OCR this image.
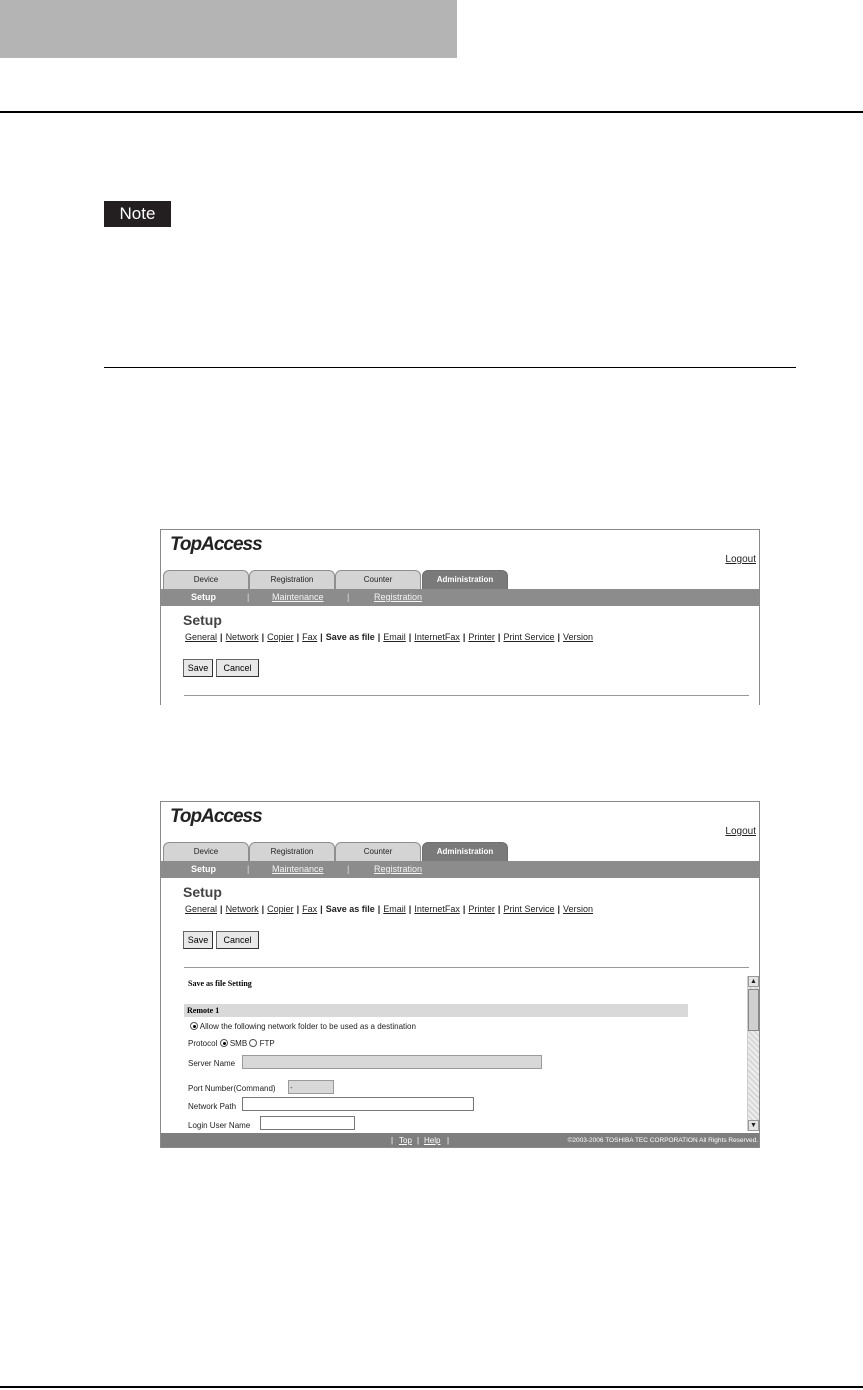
Note
TopAccess
Logout
Device	Registration	Counter	Administration
Setup	|	Maintenance	|	Registration
Setup
General | Network | Copier | Fax | Save as file | Email | InternetFax | Printer | Print Service | Version
Save	Cancel
TopAccess
Logout
Device	Registration	Counter	Administration
Setup	|	Maintenance	|	Registration
Setup
General | Network | Copier | Fax | Save as file | Email | InternetFax | Printer | Print Service | Version
Save	Cancel
Save as file Setting
Remote 1
Allow the following network folder to be used as a destination
Protocol SMB FTP
Server Name
Port Number(Command) -
Network Path
Login User Name
▲
▼
| Top | Help |	©2003-2006 TOSHIBA TEC CORPORATION All Rights Reserved.
